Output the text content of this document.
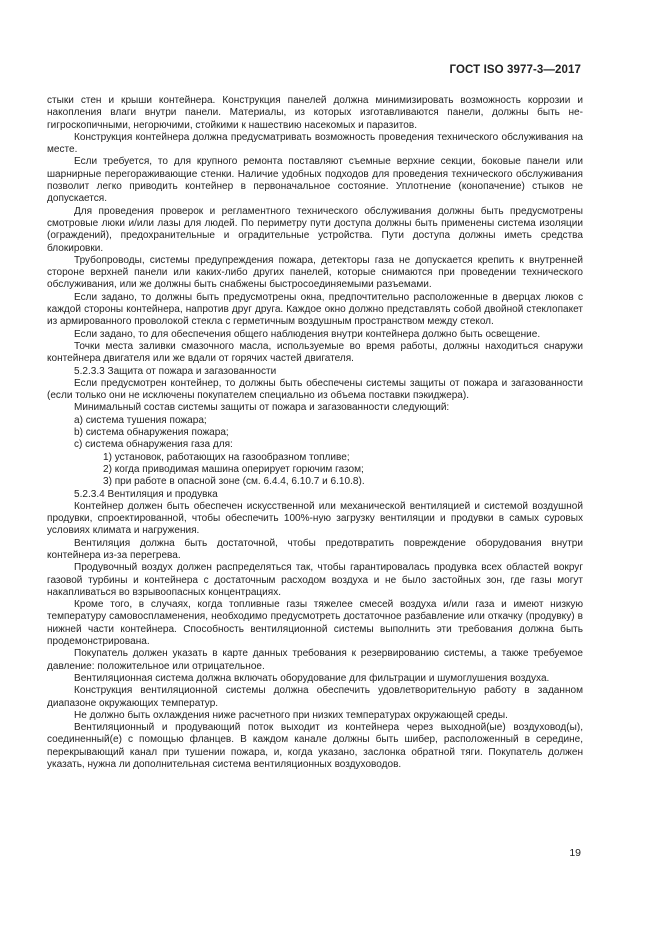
ГОСТ ISO 3977-3—2017

стыки стен и крыши контейнера. Конструкция панелей должна минимизировать возможность коррозии и накопления влаги внутри панели. Материалы, из которых изготавливаются панели, должны быть негигроскопичными, негорючими, стойкими к нашествию насекомых и паразитов.

Конструкция контейнера должна предусматривать возможность проведения технического обслуживания на месте.

Если требуется, то для крупного ремонта поставляют съемные верхние секции, боковые панели или шарнирные перегораживающие стенки. Наличие удобных подходов для проведения технического обслуживания позволит легко приводить контейнер в первоначальное состояние. Уплотнение (конопачение) стыков не допускается.

Для проведения проверок и регламентного технического обслуживания должны быть предусмотрены смотровые люки и/или лазы для людей. По периметру пути доступа должны быть применены система изоляции (ограждений), предохранительные и оградительные устройства. Пути доступа должны иметь средства блокировки.

Трубопроводы, системы предупреждения пожара, детекторы газа не допускается крепить к внутренней стороне верхней панели или каких-либо других панелей, которые снимаются при проведении технического обслуживания, или же должны быть снабжены быстросоединяемыми разъемами.

Если задано, то должны быть предусмотрены окна, предпочтительно расположенные в дверцах люков с каждой стороны контейнера, напротив друг друга. Каждое окно должно представлять собой двойной стеклопакет из армированного проволокой стекла с герметичным воздушным пространством между стекол.

Если задано, то для обеспечения общего наблюдения внутри контейнера должно быть освещение.

Точки места заливки смазочного масла, используемые во время работы, должны находиться снаружи контейнера двигателя или же вдали от горячих частей двигателя.

5.2.3.3 Защита от пожара и загазованности

Если предусмотрен контейнер, то должны быть обеспечены системы защиты от пожара и загазованности (если только они не исключены покупателем специально из объема поставки пэкиджера).

Минимальный состав системы защиты от пожара и загазованности следующий:

a) система тушения пожара;

b) система обнаружения пожара;

c) система обнаружения газа для:

1) установок, работающих на газообразном топливе;

2) когда приводимая машина оперирует горючим газом;

3) при работе в опасной зоне (см. 6.4.4, 6.10.7 и 6.10.8).

5.2.3.4 Вентиляция и продувка

Контейнер должен быть обеспечен искусственной или механической вентиляцией и системой воздушной продувки, спроектированной, чтобы обеспечить 100%-ную загрузку вентиляции и продувки в самых суровых условиях климата и нагружения.

Вентиляция должна быть достаточной, чтобы предотвратить повреждение оборудования внутри контейнера из-за перегрева.

Продувочный воздух должен распределяться так, чтобы гарантировалась продувка всех областей вокруг газовой турбины и контейнера с достаточным расходом воздуха и не было застойных зон, где газы могут накапливаться во взрывоопасных концентрациях.

Кроме того, в случаях, когда топливные газы тяжелее смесей воздуха и/или газа и имеют низкую температуру самовоспламенения, необходимо предусмотреть достаточное разбавление или откачку (продувку) в нижней части контейнера. Способность вентиляционной системы выполнить эти требования должна быть продемонстрирована.

Покупатель должен указать в карте данных требования к резервированию системы, а также требуемое давление: положительное или отрицательное.

Вентиляционная система должна включать оборудование для фильтрации и шумоглушения воздуха.

Конструкция вентиляционной системы должна обеспечить удовлетворительную работу в заданном диапазоне окружающих температур.

Не должно быть охлаждения ниже расчетного при низких температурах окружающей среды.

Вентиляционный и продувающий поток выходит из контейнера через выходной(ые) воздуховод(ы), соединенный(е) с помощью фланцев. В каждом канале должны быть шибер, расположенный в середине, перекрывающий канал при тушении пожара, и, когда указано, заслонка обратной тяги. Покупатель должен указать, нужна ли дополнительная система вентиляционных воздуховодов.

19
